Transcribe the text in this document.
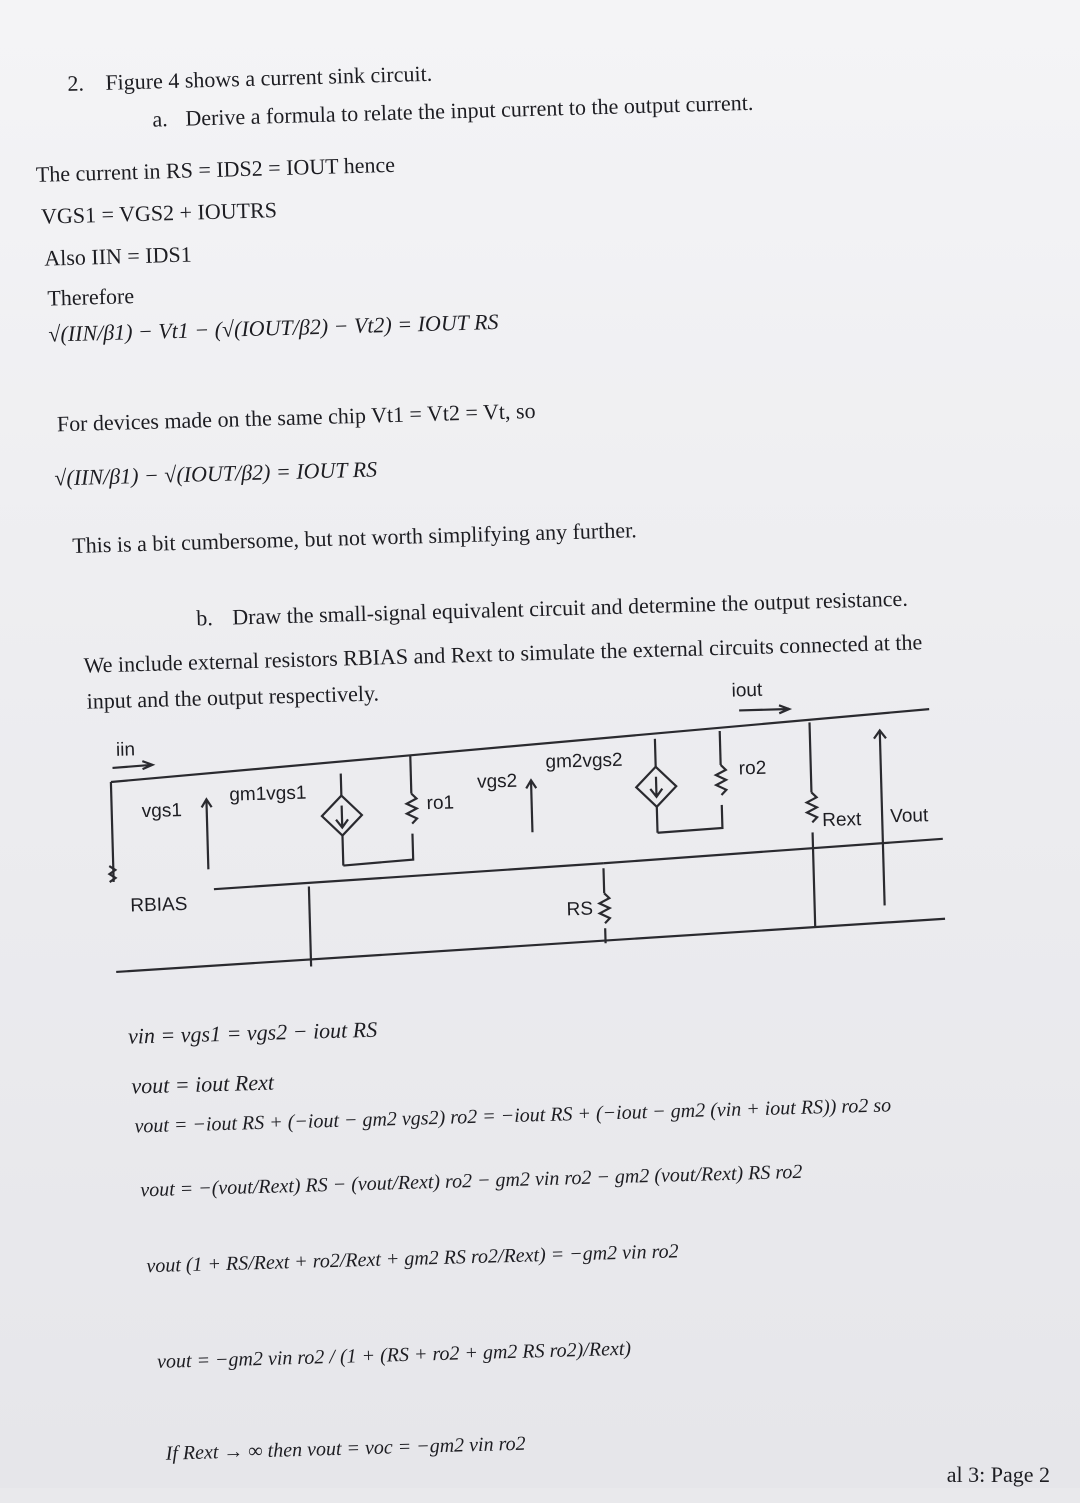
2. Figure 4 shows a current sink circuit.
a. Derive a formula to relate the input current to the output current.
The current in RS = IDS2 = IOUT hence
VGS1 = VGS2 + IOUTRS
Also IIN = IDS1
Therefore
√(IIN/β1) − Vt1 − (√(IOUT/β2) − Vt2) = IOUT RS
For devices made on the same chip Vt1 = Vt2 = Vt, so
√(IIN/β1) − √(IOUT/β2) = IOUT RS
This is a bit cumbersome, but not worth simplifying any further.
b. Draw the small-signal equivalent circuit and determine the output resistance.
We include external resistors RBIAS and Rext to simulate the external circuits connected at the
input and the output respectively.
iin
iout
vgs1
gm1vgs1	ro1
vgs2
gm2vgs2	ro2
Rext Vout
RBIAS	RS
vin = vgs1 = vgs2 − iout RS
vout = iout Rext
vout = −iout RS + (−iout − gm2 vgs2) ro2 = −iout RS + (−iout − gm2 (vin + iout RS)) ro2 so
vout = −(vout/Rext) RS − (vout/Rext) ro2 − gm2 vin ro2 − gm2 (vout/Rext) RS ro2
vout (1 + RS/Rext + ro2/Rext + gm2 RS ro2/Rext) = −gm2 vin ro2
vout = −gm2 vin ro2 / (1 + (RS + ro2 + gm2 RS ro2)/Rext)
If Rext → ∞ then vout = voc = −gm2 vin ro2
al 3: Page 2
